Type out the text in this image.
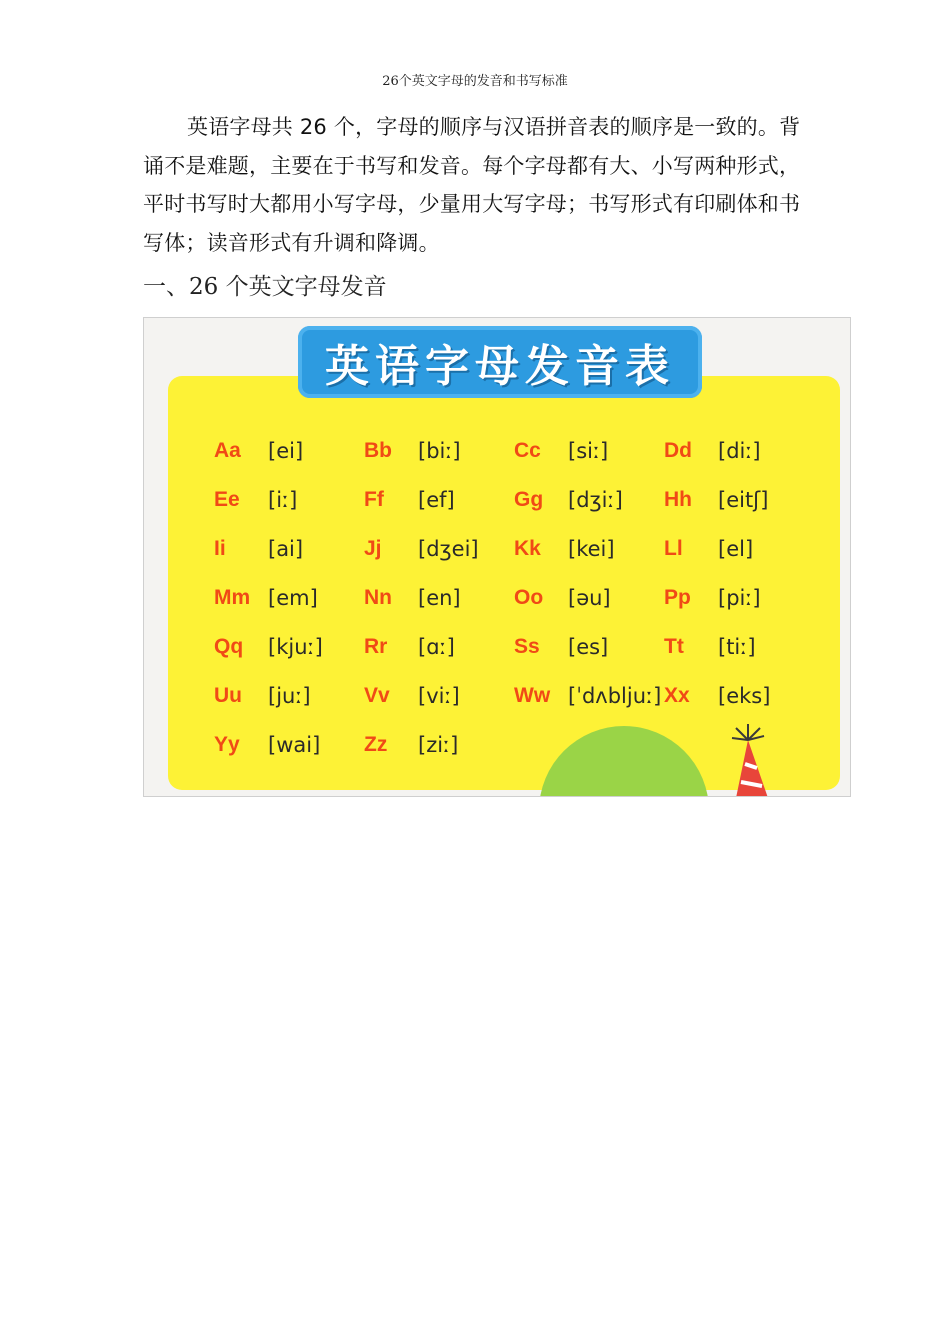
26个英文字母的发音和书写标准
英语字母共 26 个，字母的顺序与汉语拼音表的顺序是一致的。背诵不是难题，主要在于书写和发音。每个字母都有大、小写两种形式，平时书写时大都用小写字母，少量用大写字母；书写形式有印刷体和书写体；读音形式有升调和降调。
一、26 个英文字母发音
英语字母发音表
Aa	[ei]	Bb	[biː]	Cc	[siː]	Dd	[diː]
Ee	[iː]	Ff	[ef]	Gg	[dʒiː] Hh	[eitʃ]
Ii	[ai]	Jj	[dʒei] Kk	[kei] Ll	[el]
Mm [em] Nn	[en]	Oo	[əu]	Pp	[piː]
Qq	[kjuː] Rr	[ɑː]	Ss	[es]	Tt	[tiː]
Uu	[juː]	Vv	[viː]	Ww [ˈdʌbljuː] Xx	[eks]
Yy	[wai] Zz	[ziː]
